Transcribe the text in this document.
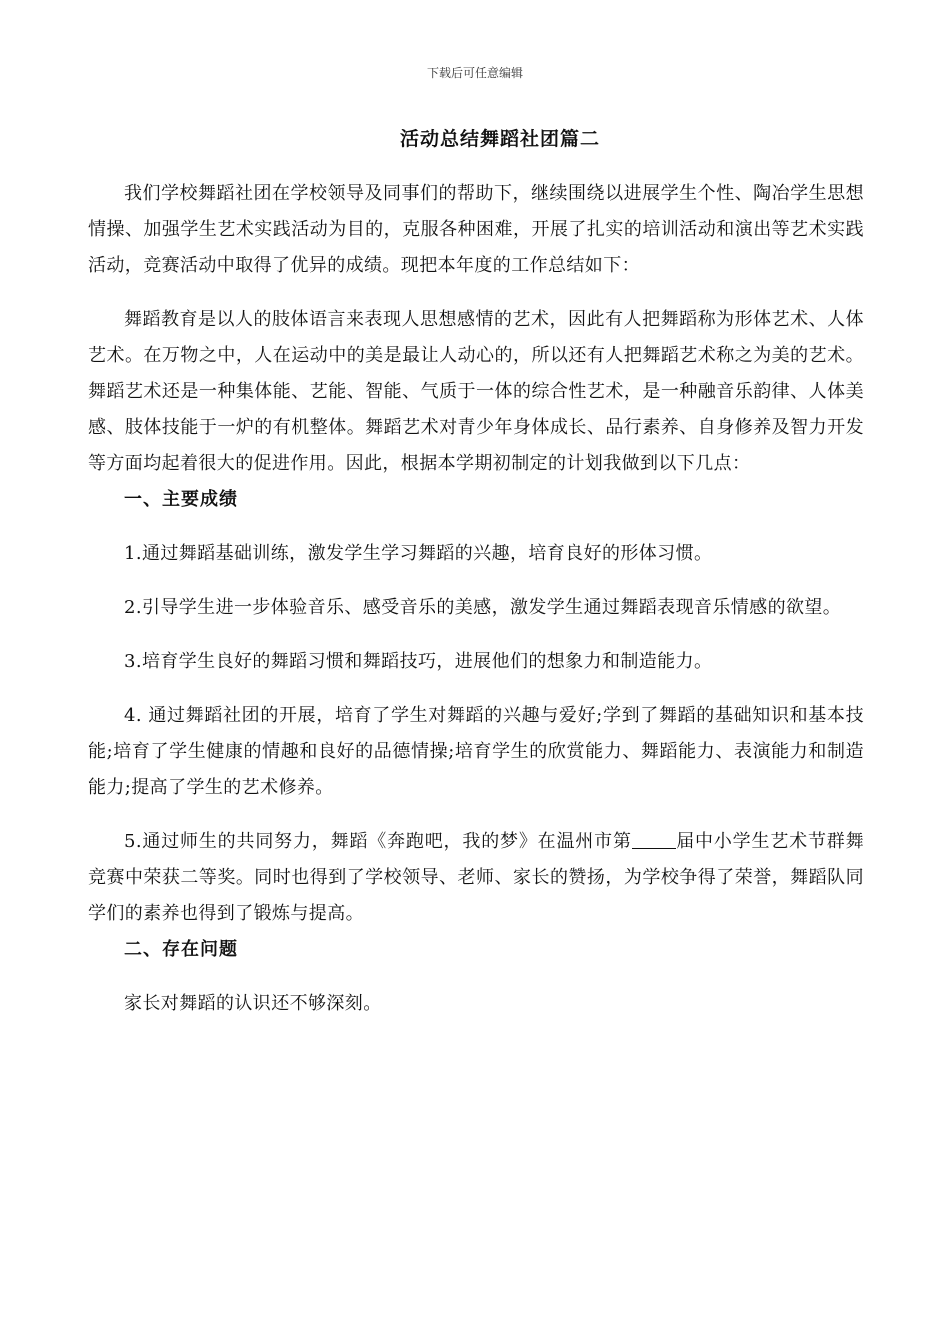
下载后可任意编辑
活动总结舞蹈社团篇二

我们学校舞蹈社团在学校领导及同事们的帮助下，继续围绕以进展学生个性、陶冶学生思想情操、加强学生艺术实践活动为目的，克服各种困难，开展了扎实的培训活动和演出等艺术实践活动，竞赛活动中取得了优异的成绩。现把本年度的工作总结如下：

舞蹈教育是以人的肢体语言来表现人思想感情的艺术，因此有人把舞蹈称为形体艺术、人体艺术。在万物之中，人在运动中的美是最让人动心的，所以还有人把舞蹈艺术称之为美的艺术。舞蹈艺术还是一种集体能、艺能、智能、气质于一体的综合性艺术，是一种融音乐韵律、人体美感、肢体技能于一炉的有机整体。舞蹈艺术对青少年身体成长、品行素养、自身修养及智力开发等方面均起着很大的促进作用。因此，根据本学期初制定的计划我做到以下几点：

一、主要成绩

1.通过舞蹈基础训练，激发学生学习舞蹈的兴趣，培育良好的形体习惯。

2.引导学生进一步体验音乐、感受音乐的美感，激发学生通过舞蹈表现音乐情感的欲望。

3.培育学生良好的舞蹈习惯和舞蹈技巧，进展他们的想象力和制造能力。

4. 通过舞蹈社团的开展，培育了学生对舞蹈的兴趣与爱好;学到了舞蹈的基础知识和基本技能;培育了学生健康的情趣和良好的品德情操;培育学生的欣赏能力、舞蹈能力、表演能力和制造能力;提高了学生的艺术修养。

5.通过师生的共同努力，舞蹈《奔跑吧，我的梦》在温州市第 届中小学生艺术节群舞竞赛中荣获二等奖。同时也得到了学校领导、老师、家长的赞扬，为学校争得了荣誉，舞蹈队同学们的素养也得到了锻炼与提高。

二、存在问题

家长对舞蹈的认识还不够深刻。
